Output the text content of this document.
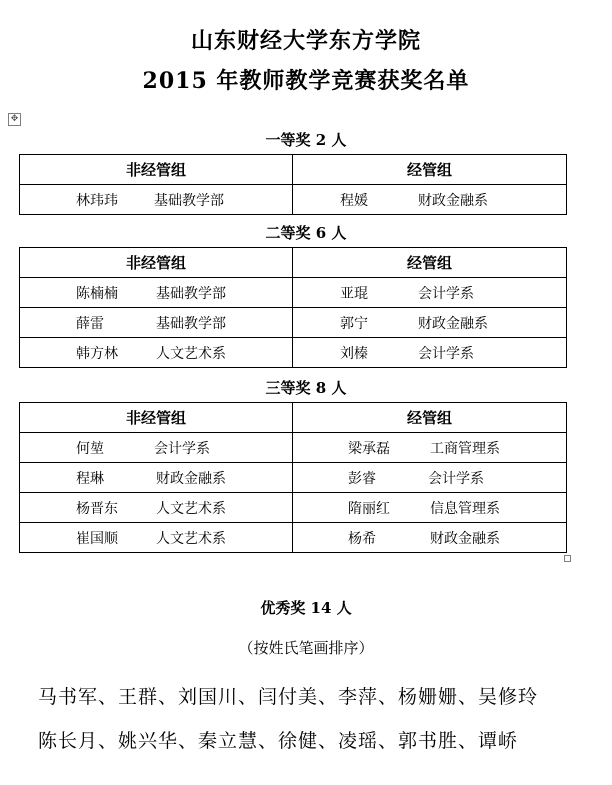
山东财经大学东方学院
2015 年教师教学竞赛获奖名单
✥
一等奖 2 人
非经管组	经管组

林玮玮 基础教学部	程媛 财政金融系
二等奖 6 人
非经管组	经管组

陈楠楠 基础教学部	亚琨 会计学系

薛雷 基础教学部	郭宁 财政金融系

韩方林 人文艺术系	刘榛 会计学系
三等奖 8 人
非经管组	经管组

何堃 会计学系	梁承磊 工商管理系

程琳 财政金融系	彭睿 会计学系

杨晋东 人文艺术系	隋丽红 信息管理系

崔国顺 人文艺术系	杨希 财政金融系
优秀奖 14 人
（按姓氏笔画排序）
马书军、王群、刘国川、闫付美、李萍、杨姗姗、吴修玲
陈长月、姚兴华、秦立慧、徐健、凌瑶、郭书胜、谭峤
